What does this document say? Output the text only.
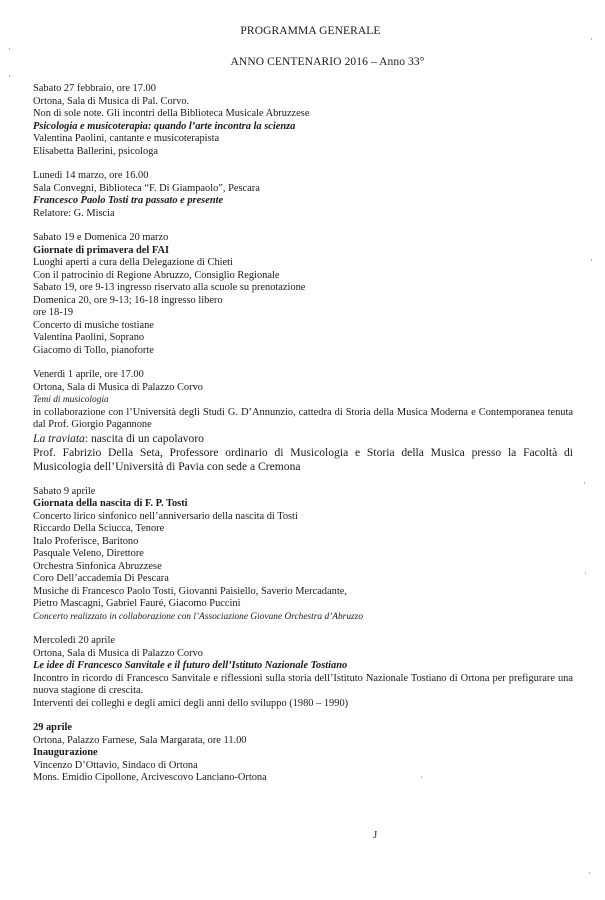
PROGRAMMA GENERALE
ANNO CENTENARIO 2016 – Anno 33°
Sabato 27 febbraio, ore 17.00
Ortona, Sala di Musica di Pal. Corvo.
Non di sole note. Gli incontri della Biblioteca Musicale Abruzzese
Psicologia e musicoterapia: quando l’arte incontra la scienza
Valentina Paolini, cantante e musicoterapista
Elisabetta Ballerini, psicologa
Lunedì 14 marzo, ore 16.00
Sala Convegni, Biblioteca “F. Di Giampaolo”, Pescara
Francesco Paolo Tosti tra passato e presente
Relatore: G. Miscia
Sabato 19 e Domenica 20 marzo
Giornate di primavera del FAI
Luoghi aperti a cura della Delegazione di Chieti
Con il patrocinio di Regione Abruzzo, Consiglio Regionale
Sabato 19, ore 9-13 ingresso riservato alla scuole su prenotazione
Domenica 20, ore 9-13; 16-18 ingresso libero
ore 18-19
Concerto di musiche tostiane
Valentina Paolini, Soprano
Giacomo di Tollo, pianoforte
Venerdì 1 aprile, ore 17.00
Ortona, Sala di Musica di Palazzo Corvo
Temi di musicologia
in collaborazione con l’Università degli Studi G. D’Annunzio, cattedra di Storia della Musica Moderna e Contemporanea tenuta dal Prof. Giorgio Pagannone
La traviata: nascita di un capolavoro
Prof. Fabrizio Della Seta, Professore ordinario di Musicologia e Storia della Musica presso la Facoltà di Musicologia dell’Università di Pavia con sede a Cremona
Sabato 9 aprile
Giornata della nascita di F. P. Tosti
Concerto lirico sinfonico nell’anniversario della nascita di Tosti
Riccardo Della Sciucca, Tenore
Italo Proferisce, Baritono
Pasquale Veleno, Direttore
Orchestra Sinfonica Abruzzese
Coro Dell’accademia Di Pescara
Musiche di Francesco Paolo Tosti, Giovanni Paisiello, Saverio Mercadante,
Pietro Mascagni, Gabriel Fauré, Giacomo Puccini
Concerto realizzato in collaborazione con l’Associazione Giovane Orchestra d’Abruzzo
Mercoledì 20 aprile
Ortona, Sala di Musica di Palazzo Corvo
Le idee di Francesco Sanvitale e il futuro dell’Istituto Nazionale Tostiano
Incontro in ricordo di Francesco Sanvitale e riflessioni sulla storia dell’Istituto Nazionale Tostiano di Ortona per prefigurare una nuova stagione di crescita.
Interventi dei colleghi e degli amici degli anni dello sviluppo (1980 – 1990)
29 aprile
Ortona, Palazzo Farnese, Sala Margarata, ore 11.00
Inaugurazione
Vincenzo D’Ottavio, Sindaco di Ortona
Mons. Emidio Cipollone, Arcivescovo Lanciano-Ortona
·
·
·
·
·
·
·
´
J
